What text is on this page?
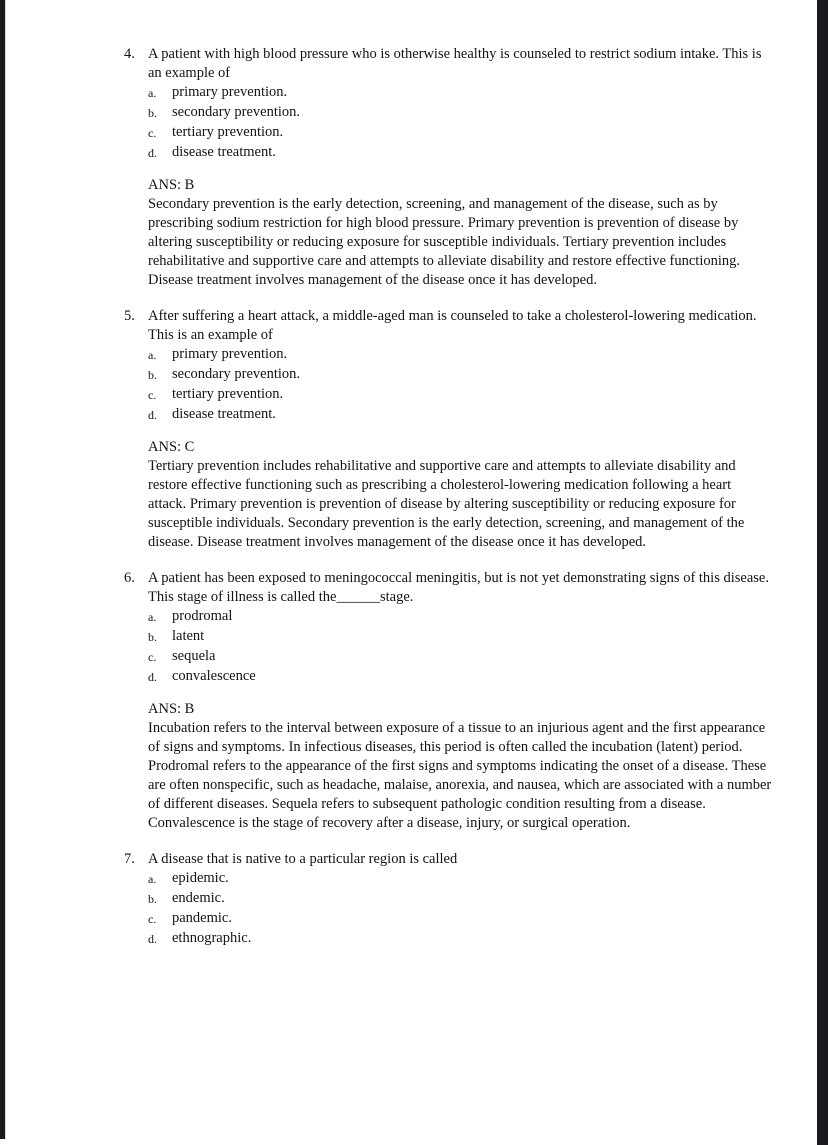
4. A patient with high blood pressure who is otherwise healthy is counseled to restrict sodium intake. This is an example of
a.	primary prevention.
b.	secondary prevention.
c.	tertiary prevention.
d.	disease treatment.
ANS: B
Secondary prevention is the early detection, screening, and management of the disease, such as by prescribing sodium restriction for high blood pressure. Primary prevention is prevention of disease by altering susceptibility or reducing exposure for susceptible individuals. Tertiary prevention includes rehabilitative and supportive care and attempts to alleviate disability and restore effective functioning. Disease treatment involves management of the disease once it has developed.
5. After suffering a heart attack, a middle-aged man is counseled to take a cholesterol-lowering medication. This is an example of
a.	primary prevention.
b.	secondary prevention.
c.	tertiary prevention.
d.	disease treatment.
ANS: C
Tertiary prevention includes rehabilitative and supportive care and attempts to alleviate disability and restore effective functioning such as prescribing a cholesterol-lowering medication following a heart attack. Primary prevention is prevention of disease by altering susceptibility or reducing exposure for susceptible individuals. Secondary prevention is the early detection, screening, and management of the disease. Disease treatment involves management of the disease once it has developed.
6. A patient has been exposed to meningococcal meningitis, but is not yet demonstrating signs of this disease. This stage of illness is called the______stage.
a.	prodromal
b.	latent
c.	sequela
d.	convalescence
ANS: B
Incubation refers to the interval between exposure of a tissue to an injurious agent and the first appearance of signs and symptoms. In infectious diseases, this period is often called the incubation (latent) period. Prodromal refers to the appearance of the first signs and symptoms indicating the onset of a disease. These are often nonspecific, such as headache, malaise, anorexia, and nausea, which are associated with a number of different diseases. Sequela refers to subsequent pathologic condition resulting from a disease. Convalescence is the stage of recovery after a disease, injury, or surgical operation.
7. A disease that is native to a particular region is called
a.	epidemic.
b.	endemic.
c.	pandemic.
d.	ethnographic.
